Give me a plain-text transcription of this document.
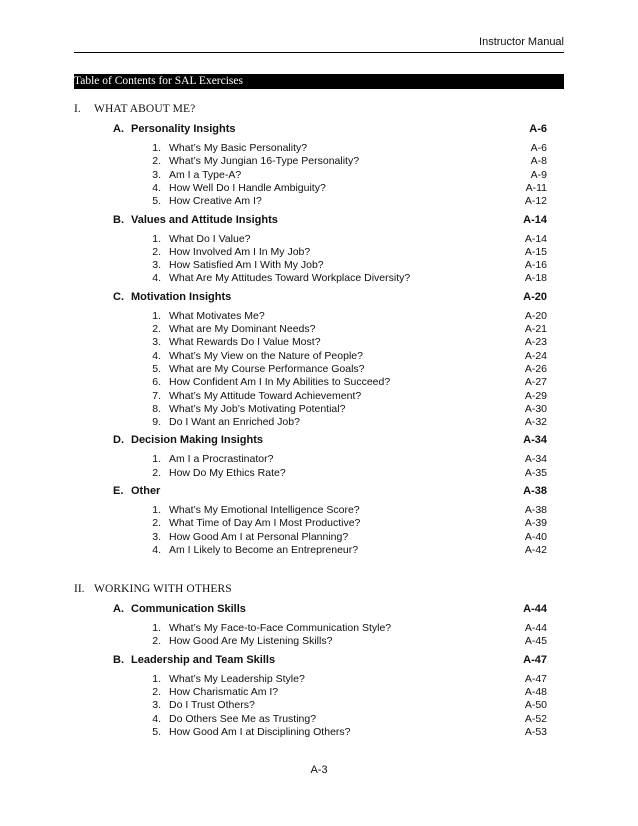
Instructor Manual
Table of Contents for SAL Exercises
I. WHAT ABOUT ME?
A. Personality Insights	A-6
1. What’s My Basic Personality?	A-6
2. What’s My Jungian 16-Type Personality?	A-8
3. Am I a Type-A?	A-9
4. How Well Do I Handle Ambiguity?	A-11
5. How Creative Am I?	A-12
B. Values and Attitude Insights	A-14
1. What Do I Value?	A-14
2. How Involved Am I In My Job?	A-15
3. How Satisfied Am I With My Job?	A-16
4. What Are My Attitudes Toward Workplace Diversity?	A-18
C. Motivation Insights	A-20
1. What Motivates Me?	A-20
2. What are My Dominant Needs?	A-21
3. What Rewards Do I Value Most?	A-23
4. What’s My View on the Nature of People?	A-24
5. What are My Course Performance Goals?	A-26
6. How Confident Am I In My Abilities to Succeed?	A-27
7. What’s My Attitude Toward Achievement?	A-29
8. What’s My Job’s Motivating Potential?	A-30
9. Do I Want an Enriched Job?	A-32
D. Decision Making Insights	A-34
1. Am I a Procrastinator?	A-34
2. How Do My Ethics Rate?	A-35
E. Other	A-38
1. What’s My Emotional Intelligence Score?	A-38
2. What Time of Day Am I Most Productive?	A-39
3. How Good Am I at Personal Planning?	A-40
4. Am I Likely to Become an Entrepreneur?	A-42
II. WORKING WITH OTHERS
A. Communication Skills	A-44
1. What’s My Face-to-Face Communication Style?	A-44
2. How Good Are My Listening Skills?	A-45
B. Leadership and Team Skills	A-47
1. What’s My Leadership Style?	A-47
2. How Charismatic Am I?	A-48
3. Do I Trust Others?	A-50
4. Do Others See Me as Trusting?	A-52
5. How Good Am I at Disciplining Others?	A-53
A-3
